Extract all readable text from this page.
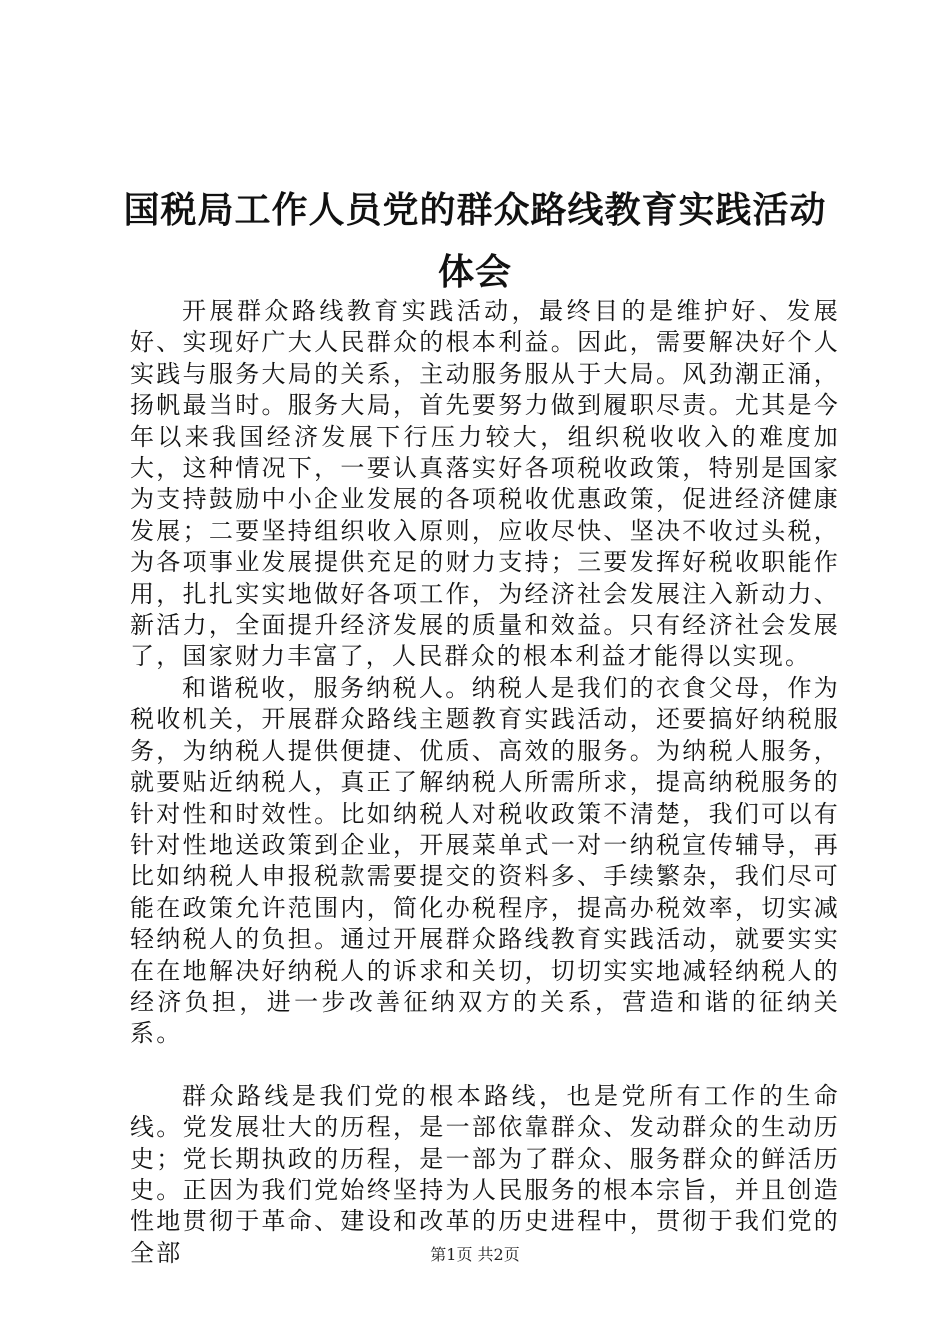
国税局工作人员党的群众路线教育实践活动体会

开展群众路线教育实践活动，最终目的是维护好、发展好、实现好广大人民群众的根本利益。因此，需要解决好个人实践与服务大局的关系，主动服务服从于大局。风劲潮正涌，扬帆最当时。服务大局，首先要努力做到履职尽责。尤其是今年以来我国经济发展下行压力较大，组织税收收入的难度加大，这种情况下，一要认真落实好各项税收政策，特别是国家为支持鼓励中小企业发展的各项税收优惠政策，促进经济健康发展；二要坚持组织收入原则，应收尽快、坚决不收过头税，为各项事业发展提供充足的财力支持；三要发挥好税收职能作用，扎扎实实地做好各项工作，为经济社会发展注入新动力、新活力，全面提升经济发展的质量和效益。只有经济社会发展了，国家财力丰富了，人民群众的根本利益才能得以实现。

和谐税收，服务纳税人。纳税人是我们的衣食父母，作为税收机关，开展群众路线主题教育实践活动，还要搞好纳税服务，为纳税人提供便捷、优质、高效的服务。为纳税人服务，就要贴近纳税人，真正了解纳税人所需所求，提高纳税服务的针对性和时效性。比如纳税人对税收政策不清楚，我们可以有针对性地送政策到企业，开展菜单式一对一纳税宣传辅导，再比如纳税人申报税款需要提交的资料多、手续繁杂，我们尽可能在政策允许范围内，简化办税程序，提高办税效率，切实减轻纳税人的负担。通过开展群众路线教育实践活动，就要实实在在地解决好纳税人的诉求和关切，切切实实地减轻纳税人的经济负担，进一步改善征纳双方的关系，营造和谐的征纳关系。

群众路线是我们党的根本路线，也是党所有工作的生命线。党发展壮大的历程，是一部依靠群众、发动群众的生动历史；党长期执政的历程，是一部为了群众、服务群众的鲜活历史。正因为我们党始终坚持为人民服务的根本宗旨，并且创造性地贯彻于革命、建设和改革的历史进程中，贯彻于我们党的全部	第1页 共2页
